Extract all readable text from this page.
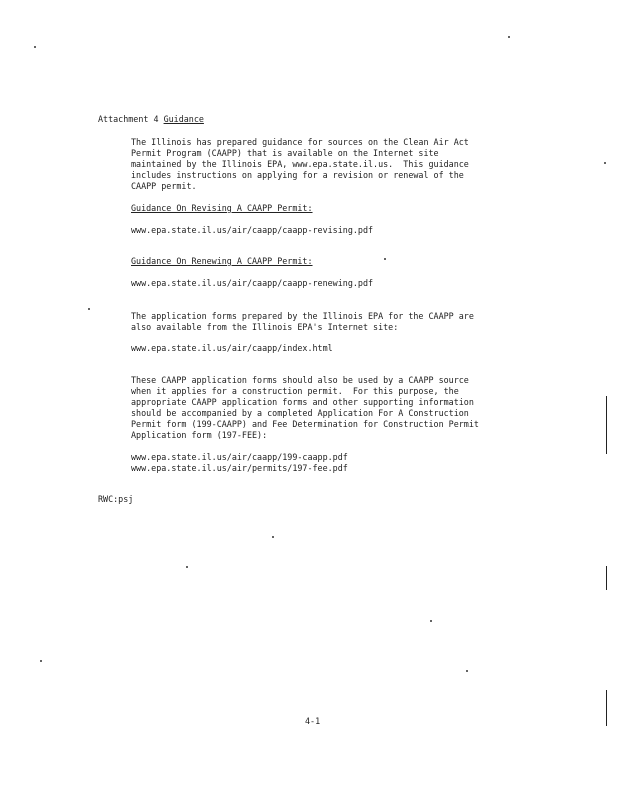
Attachment 4 Guidance
The Illinois has prepared guidance for sources on the Clean Air Act
Permit Program (CAAPP) that is available on the Internet site
maintained by the Illinois EPA, www.epa.state.il.us.  This guidance
includes instructions on applying for a revision or renewal of the
CAAPP permit.
Guidance On Revising A CAAPP Permit:
www.epa.state.il.us/air/caapp/caapp-revising.pdf
Guidance On Renewing A CAAPP Permit:
www.epa.state.il.us/air/caapp/caapp-renewing.pdf
The application forms prepared by the Illinois EPA for the CAAPP are
also available from the Illinois EPA's Internet site:
www.epa.state.il.us/air/caapp/index.html
These CAAPP application forms should also be used by a CAAPP source
when it applies for a construction permit.  For this purpose, the
appropriate CAAPP application forms and other supporting information
should be accompanied by a completed Application For A Construction
Permit form (199-CAAPP) and Fee Determination for Construction Permit
Application form (197-FEE):
www.epa.state.il.us/air/caapp/199-caapp.pdf
www.epa.state.il.us/air/permits/197-fee.pdf
RWC:psj
4-1
